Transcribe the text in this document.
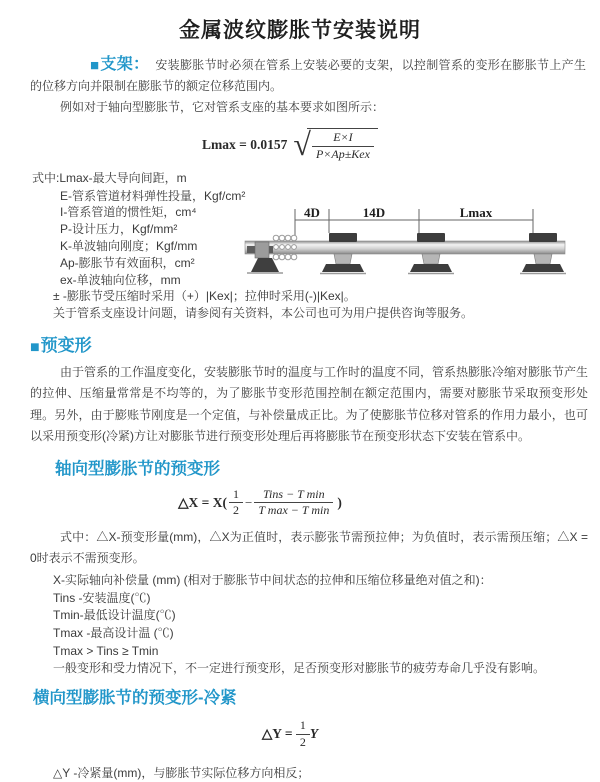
金属波纹膨胀节安装说明

■支架： 安装膨胀节时必须在管系上安装必要的支架，以控制管系的变形在膨胀节上产生的位移方向并限制在膨胀节的额定位移范围内。

例如对于轴向型膨胀节，它对管系支座的基本要求如图所示：

Lmax = 0.0157 √ $\frac{E\times I}{\text{P×Ap±Kex}}$
式中:Lmax-最大导向间距，m
E-管系管道材料弹性投量，Kgf/cm²
I-管系管道的惯性矩，cm⁴
P-设计压力，Kgf/mm²
K-单波轴向刚度；Kgf/mm
Ap-膨胀节有效面积，cm²
ex-单波轴向位移，mm
± -膨胀节受压缩时采用（+）|Kex|；拉伸时采用(-)|Kex|。
关于管系支座设计问题，请参阅有关资料，本公司也可为用户提供咨询等服务。
4D	14D	Lmax
■预变形

由于管系的工作温度变化，安装膨胀节时的温度与工作时的温度不同，管系热膨胀冷缩对膨胀节产生的拉伸、压缩量常常是不均等的，为了膨胀节变形范围控制在额定范围内，需要对膨胀节采取预变形处理。另外，由于膨账节刚度是一个定值，与补偿量成正比。为了使膨胀节位移对管系的作用力最小，也可以采用预变形(冷紧)方让对膨胀节进行预变形处理后再将膨胀节在预变形状态下安装在管系中。

轴向型膨胀节的预变形
△X = $X( \frac{1}{2} - \frac{\text{Tins − T min}}{\text{T max − T min}}$ )

式中：△X-预变形量(mm)，△X为正值时，表示膨张节需预拉伸；为负值时，表示需预压缩；△X = 0时表示不需预变形。

X-实际轴向补偿量 (mm) (相对于膨胀节中间状态的拉伸和压缩位移量绝对值之和)：
Tins -安装温度(℃)
Tmin-最低设计温度(℃)
Tmax -最高设计温 (℃)
Tmax > Tins ≥ Tmin
一般变形和受力情况下，不一定进行预变形，足否预变形对膨胀节的疲劳寿命几乎没有影响。
横向型膨胀节的预变形-冷紧
△Y =
$\frac{1}{2}$ Y
△Y -冷紧量(mm)，与膨胀节实际位移方向相反；
